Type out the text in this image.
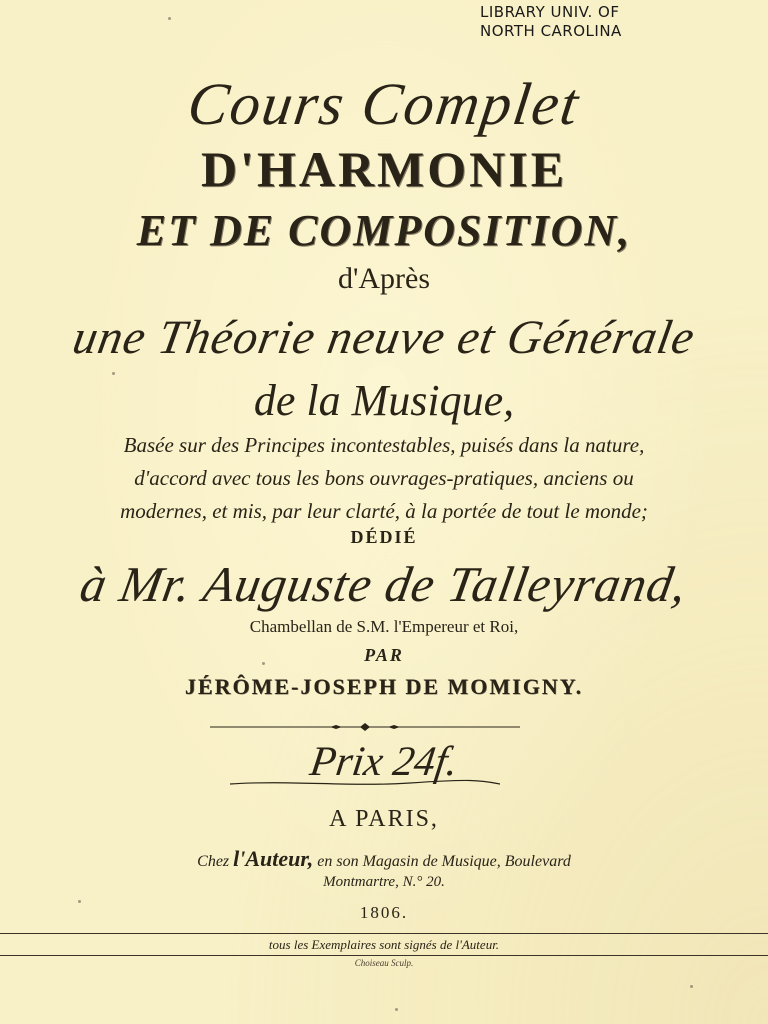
LIBRARY UNIV. OF
NORTH CAROLINA
Cours Complet
D'HARMONIE
ET DE COMPOSITION,
d'Après
une Théorie neuve et Générale
de la Musique,
Basée sur des Principes incontestables, puisés dans la nature,
d'accord avec tous les bons ouvrages-pratiques, anciens ou
modernes, et mis, par leur clarté, à la portée de tout le monde;
DÉDIÉ
à Mr. Auguste de Talleyrand,
Chambellan de S.M. l'Empereur et Roi,
PAR
JÉRÔME-JOSEPH DE MOMIGNY.
Prix 24f.
A PARIS,
Chez l'Auteur, en son Magasin de Musique, Boulevard
Montmartre, N.° 20.
1806.
tous les Exemplaires sont signés de l'Auteur.
Choiseau Sculp.
